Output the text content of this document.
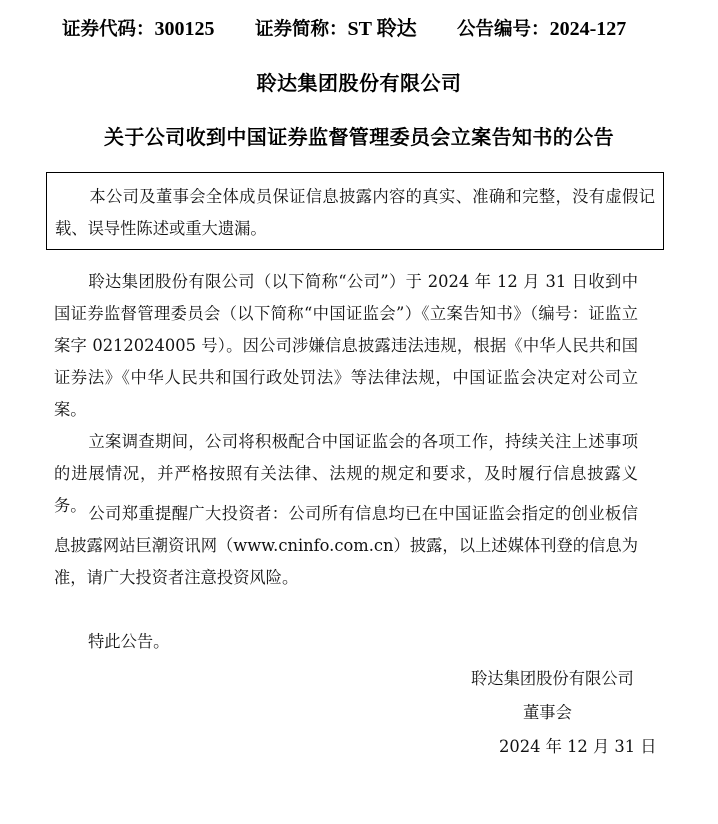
证券代码：300125 证券简称：ST 聆达 公告编号：2024-127
聆达集团股份有限公司
关于公司收到中国证券监督管理委员会立案告知书的公告

本公司及董事会全体成员保证信息披露内容的真实、准确和完整，没有虚假记载、误导性陈述或重大遗漏。

聆达集团股份有限公司（以下简称“公司”）于 2024 年 12 月 31 日收到中国证券监督管理委员会（以下简称“中国证监会”）《立案告知书》（编号：证监立案字 0212024005 号）。因公司涉嫌信息披露违法违规，根据《中华人民共和国证券法》《中华人民共和国行政处罚法》等法律法规，中国证监会决定对公司立案。

立案调查期间，公司将积极配合中国证监会的各项工作，持续关注上述事项的进展情况，并严格按照有关法律、法规的规定和要求，及时履行信息披露义务。 公司郑重提醒广大投资者：公司所有信息均已在中国证监会指定的创业板信息披露网站巨潮资讯网（www.cninfo.com.cn）披露，以上述媒体刊登的信息为准，请广大投资者注意投资风险。

特此公告。

聆达集团股份有限公司
董事会
2024 年 12 月 31 日
